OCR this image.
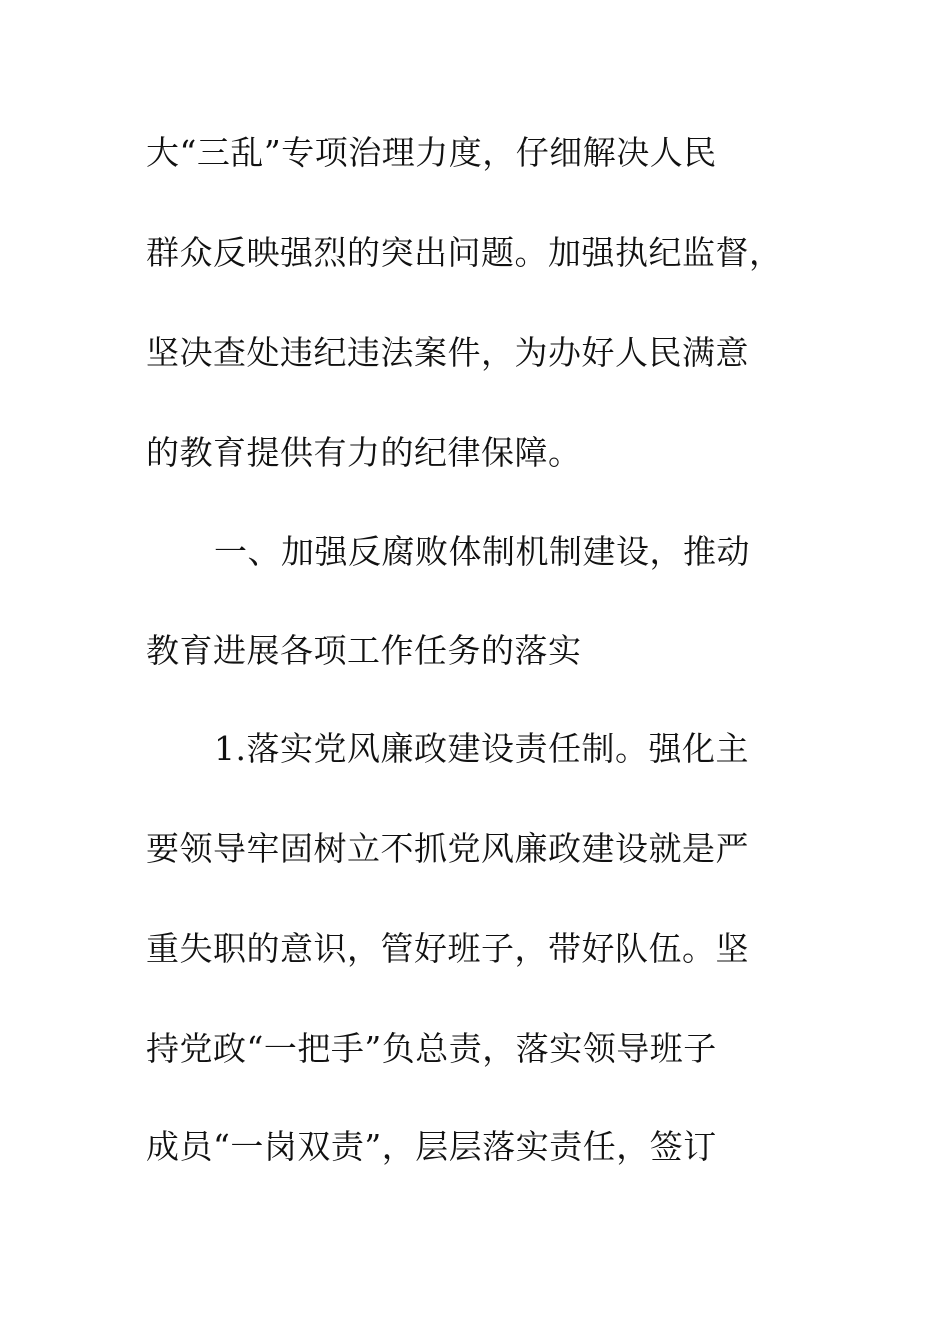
大“三乱”专项治理力度，仔细解决人民
群众反映强烈的突出问题。加强执纪监督，
坚决查处违纪违法案件，为办好人民满意
的教育提供有力的纪律保障。
一、加强反腐败体制机制建设，推动
教育进展各项工作任务的落实
1.落实党风廉政建设责任制。强化主
要领导牢固树立不抓党风廉政建设就是严
重失职的意识，管好班子，带好队伍。坚
持党政“一把手”负总责，落实领导班子
成员“一岗双责”，层层落实责任，签订
